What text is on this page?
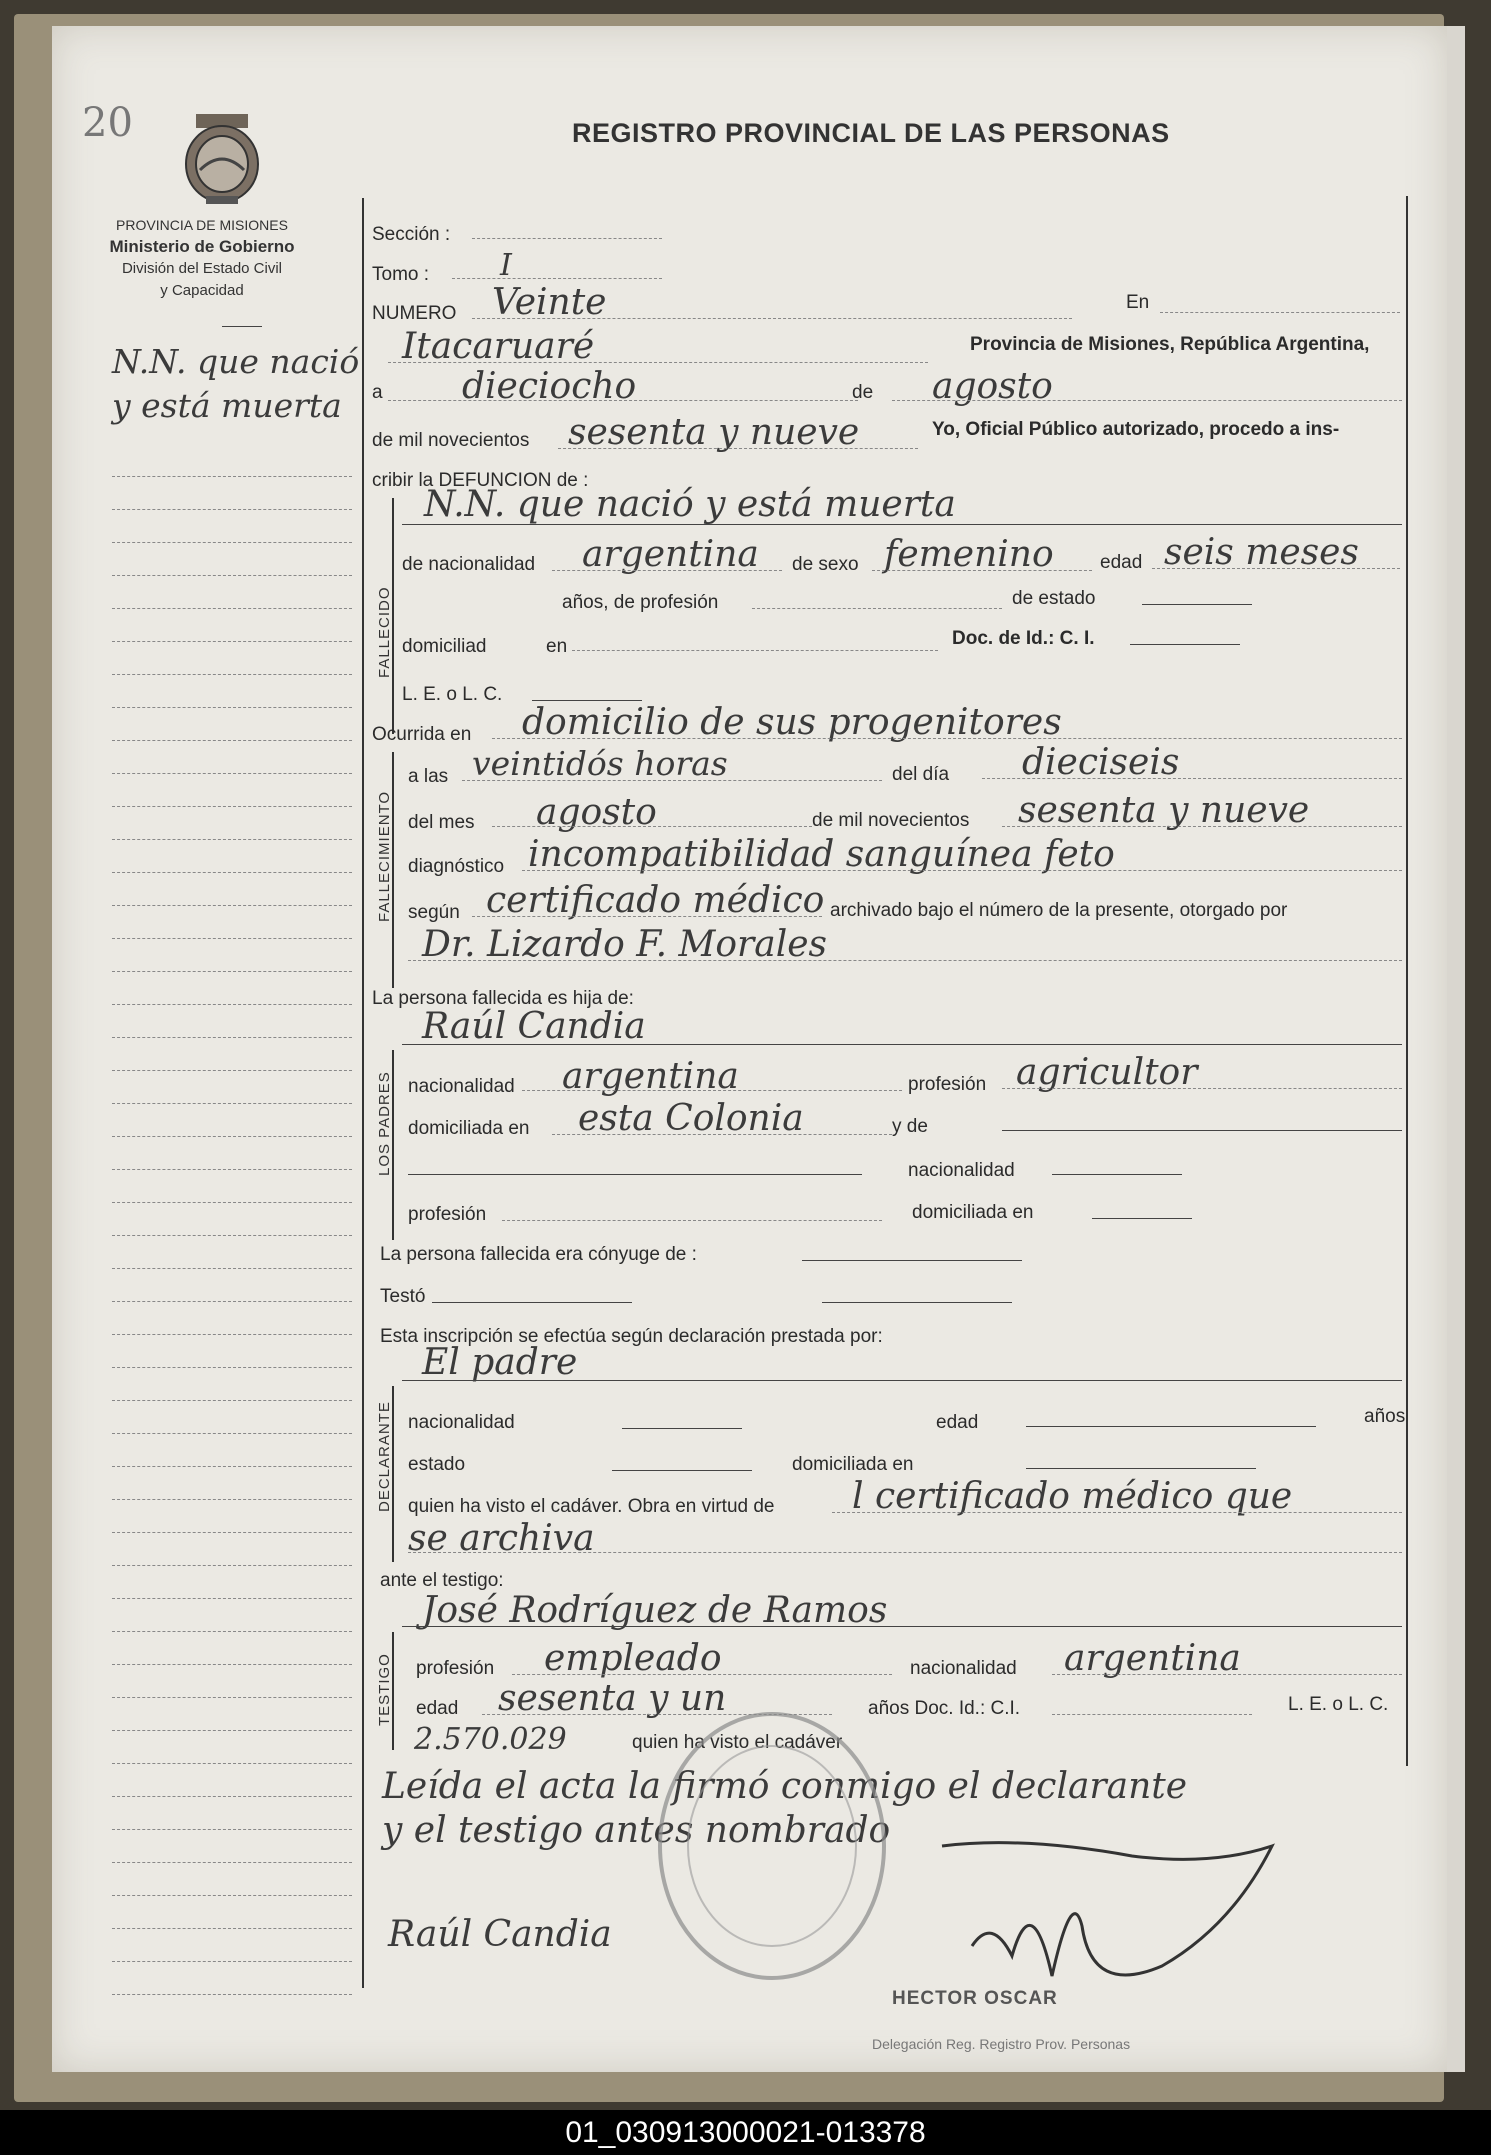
20
PROVINCIA DE MISIONES
Ministerio de Gobierno
División del Estado Civil
y Capacidad
REGISTRO PROVINCIAL DE LAS PERSONAS
N.N. que nació
y está muerta
Sección :
Tomo : I
NUMERO Veinte	En
Itacaruaré	Provincia de Misiones, República Argentina,
a dieciocho	de agosto
de mil novecientos sesenta y nueve	Yo, Oficial Público autorizado, procedo a ins-
cribir la DEFUNCION de :
FALLECIDO
N.N. que nació y está muerta
de nacionalidad argentina de sexo femenino edad seis meses
años, de profesión	de estado
domiciliad	en	Doc. de Id.: C. I.
L. E. o L. C.
Ocurrida en domicilio de sus progenitores
FALLECIMIENTO
a las veintidós horas	del día dieciseis
del mes agosto	de mil novecientos sesenta y nueve
diagnóstico incompatibilidad sanguínea feto
según certificado médico archivado bajo el número de la presente, otorgado por
Dr. Lizardo F. Morales
La persona fallecida es hija de:
Raúl Candia
LOS PADRES nacionalidad argentina	profesión agricultor
domiciliada en esta Colonia	y de
nacionalidad
profesión	domiciliada en
La persona fallecida era cónyuge de :
Testó
Esta inscripción se efectúa según declaración prestada por:
El padre
DECLARANTE nacionalidad	edad	años
estado	domiciliada en
quien ha visto el cadáver. Obra en virtud de l certificado médico que
se archiva
ante el testigo:
José Rodríguez de Ramos
TESTIGO profesión empleado	nacionalidad argentina
edad sesenta y un	años Doc. Id.: C.I.	L. E. o L. C.
2.570.029	quien ha visto el cadáver
Leída el acta la firmó conmigo el declarante
y el testigo antes nombrado
Raúl Candia
HECTOR OSCAR
Delegación Reg. Registro Prov. Personas
01_030913000021-013378
